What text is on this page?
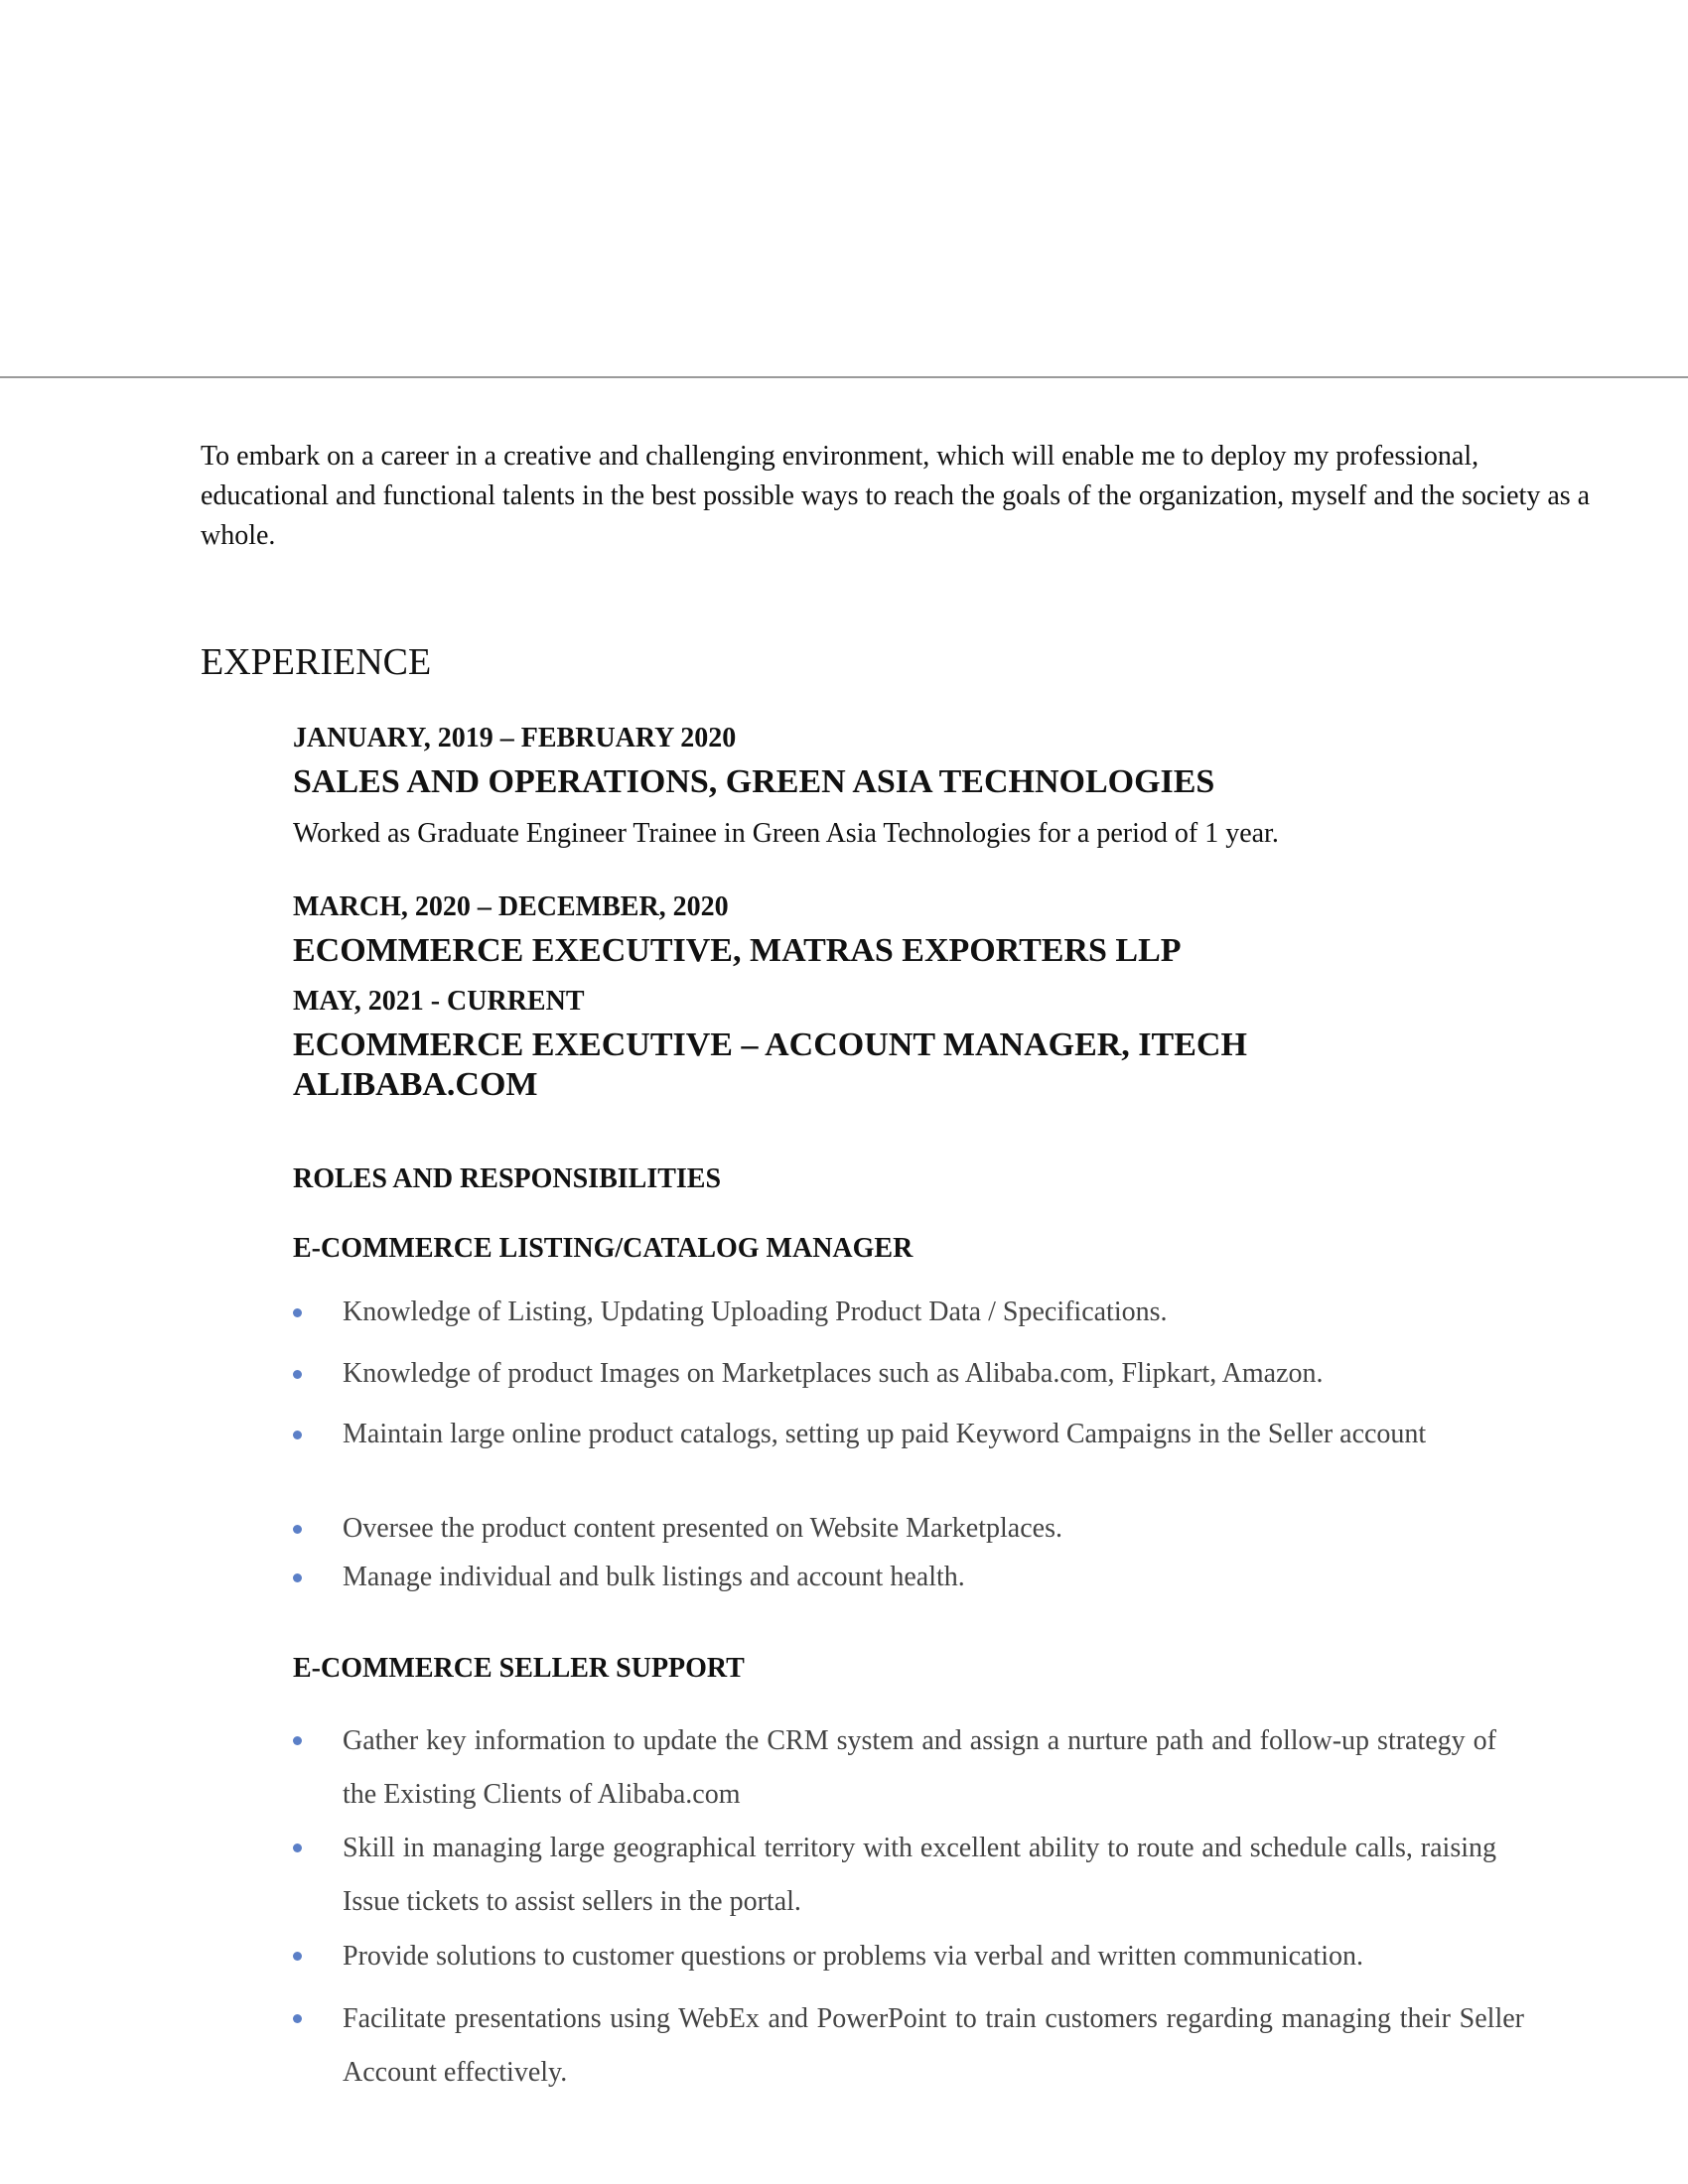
To embark on a career in a creative and challenging environment, which will enable me to deploy my professional, educational and functional talents in the best possible ways to reach the goals of the organization, myself and the society as a whole.

EXPERIENCE
JANUARY, 2019 – FEBRUARY 2020
SALES AND OPERATIONS, GREEN ASIA TECHNOLOGIES
Worked as Graduate Engineer Trainee in Green Asia Technologies for a period of 1 year.
MARCH, 2020 – DECEMBER, 2020
ECOMMERCE EXECUTIVE, MATRAS EXPORTERS LLP
MAY, 2021 - CURRENT
ECOMMERCE EXECUTIVE – ACCOUNT MANAGER, ITECH ALIBABA.COM
ROLES AND RESPONSIBILITIES
E-COMMERCE LISTING/CATALOG MANAGER
Knowledge of Listing, Updating Uploading Product Data / Specifications.
Knowledge of product Images on Marketplaces such as Alibaba.com, Flipkart, Amazon.
Maintain large online product catalogs, setting up paid Keyword Campaigns in the Seller account
Oversee the product content presented on Website Marketplaces.
Manage individual and bulk listings and account health.
E-COMMERCE SELLER SUPPORT
Gather key information to update the CRM system and assign a nurture path and follow-up strategy of the Existing Clients of Alibaba.com
Skill in managing large geographical territory with excellent ability to route and schedule calls, raising Issue tickets to assist sellers in the portal.
Provide solutions to customer questions or problems via verbal and written communication.
Facilitate presentations using WebEx and PowerPoint to train customers regarding managing their Seller Account effectively.
